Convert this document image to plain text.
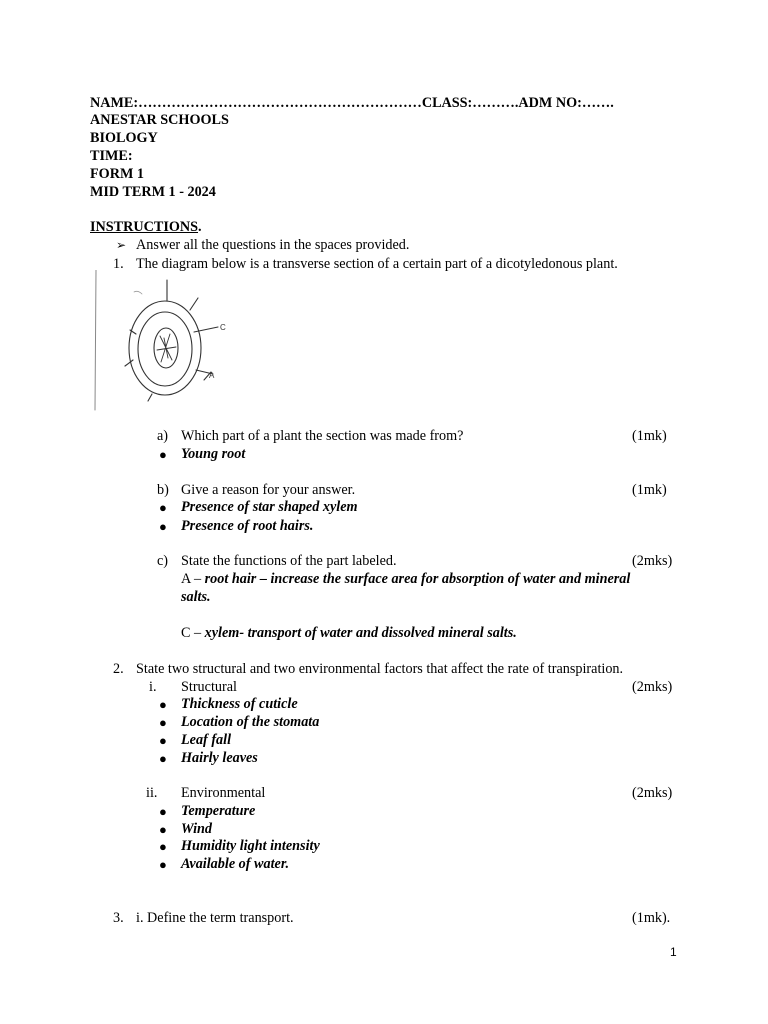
NAME:……………………………………………………CLASS:……….ADM NO:…….
ANESTAR SCHOOLS
BIOLOGY
TIME:
FORM 1
MID TERM 1 - 2024
INSTRUCTIONS.
➢ Answer all the questions in the spaces provided.
1. The diagram below is a transverse section of a certain part of a dicotyledonous plant.
C
A
a) Which part of a plant the section was made from?	(1mk)
● Young root
b) Give a reason for your answer.	(1mk)
● Presence of star shaped xylem
● Presence of root hairs.
c) State the functions of the part labeled.	(2mks)
A – root hair – increase the surface area for absorption of water and mineral
salts.
C – xylem- transport of water and dissolved mineral salts.
2. State two structural and two environmental factors that affect the rate of transpiration.
i. Structural	(2mks)
● Thickness of cuticle
● Location of the stomata
● Leaf fall
● Hairly leaves
ii. Environmental	(2mks)
● Temperature
● Wind
● Humidity light intensity
● Available of water.
3. i. Define the term transport.	(1mk).
1
